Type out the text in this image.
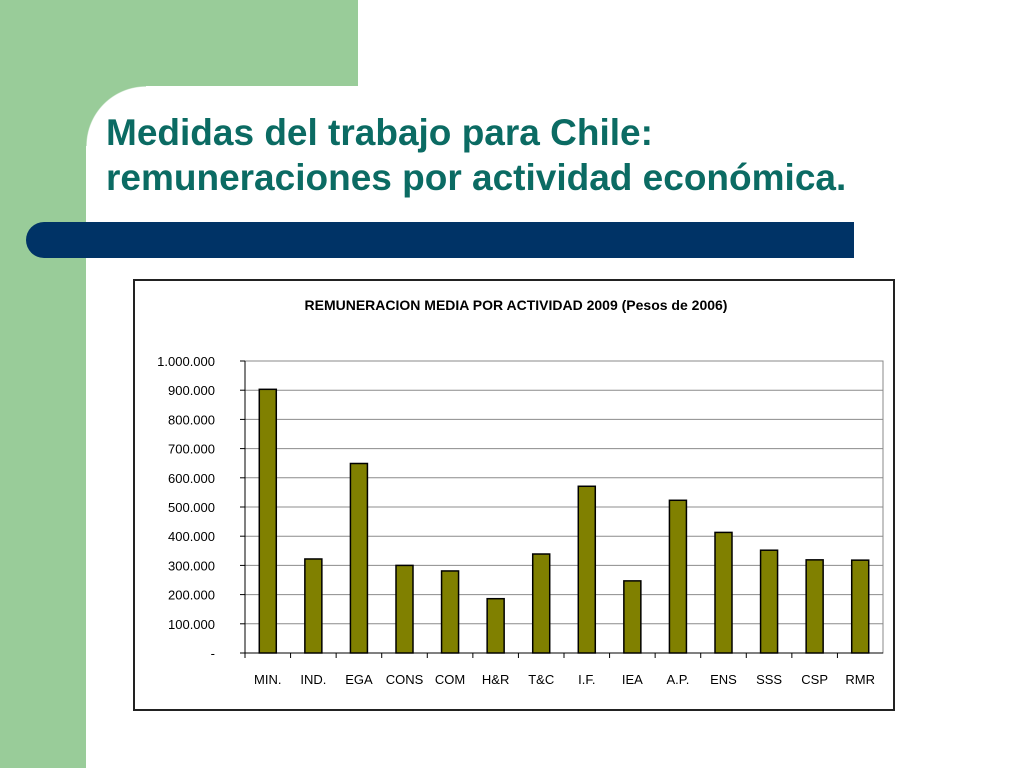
Medidas del trabajo para Chile:
remuneraciones por actividad económica.
REMUNERACION MEDIA POR ACTIVIDAD 2009 (Pesos de 2006)
-
100.000
200.000
300.000
400.000
500.000
600.000
700.000
800.000
900.000
1.000.000
MIN. IND. EGA CONS COM H&R T&C I.F. IEA A.P. ENS SSS CSP RMR
